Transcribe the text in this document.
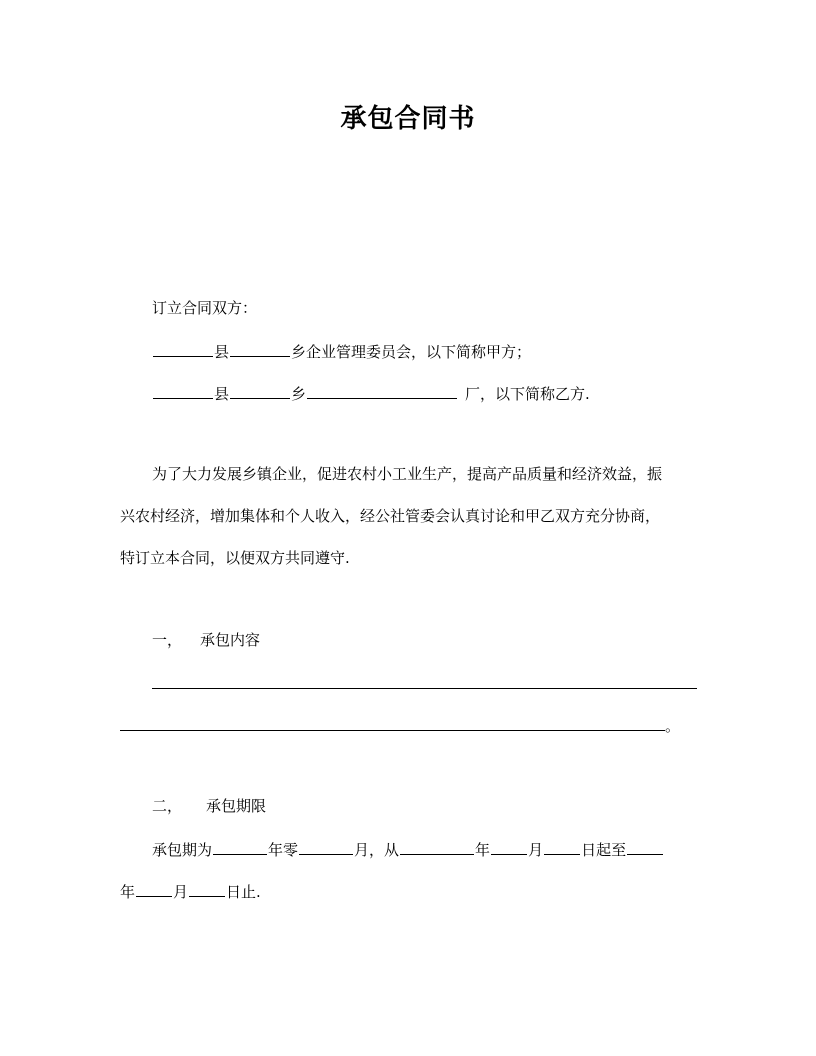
承包合同书
订立合同双方：
县	乡企业管理委员会，以下简称甲方；
县	乡	厂，以下简称乙方.
为了大力发展乡镇企业，促进农村小工业生产，提高产品质量和经济效益，振
兴农村经济，增加集体和个人收入，经公社管委会认真讨论和甲乙双方充分协商，
特订立本合同，以便双方共同遵守.
一， 承包内容
。
二， 承包期限
承包期为	年零	月，从	年	月	日起至
年	月	日止.
